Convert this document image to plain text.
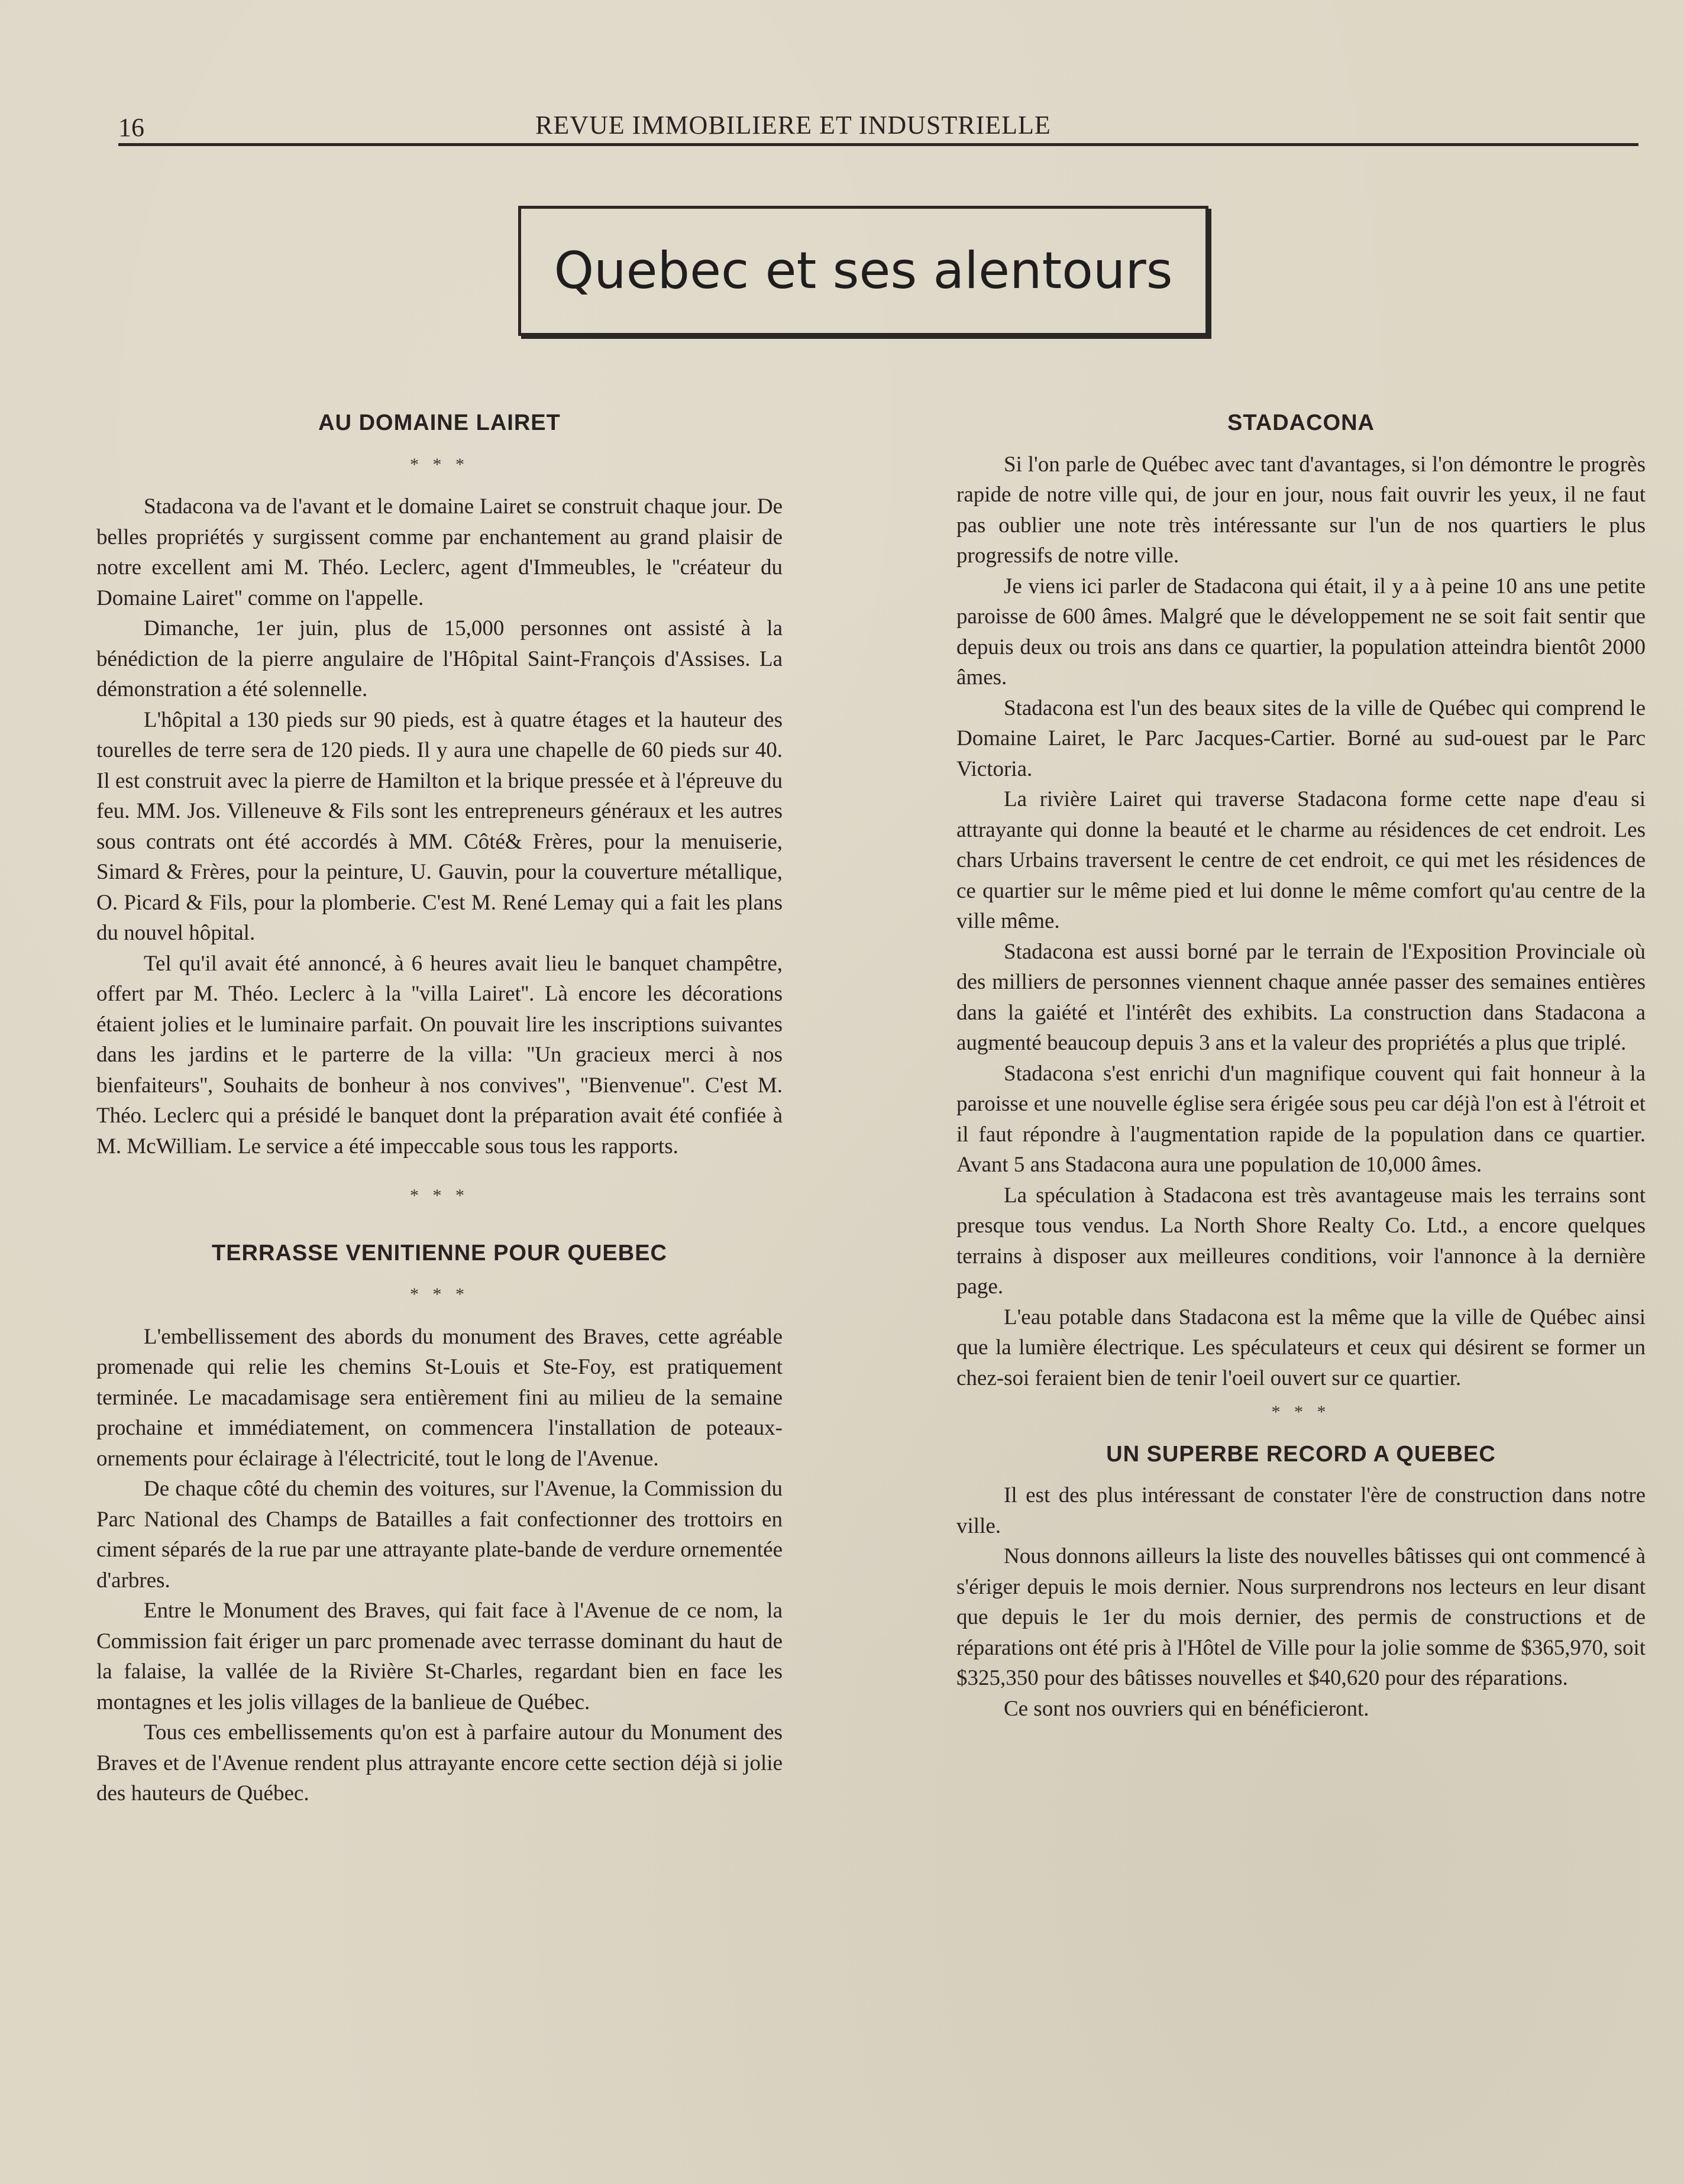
16	REVUE IMMOBILIERE ET INDUSTRIELLE
Quebec et ses alentours
AU DOMAINE LAIRET
* * *

Stadacona va de l'avant et le domaine Lairet se construit chaque jour. De belles propriétés y surgissent comme par enchantement au grand plaisir de notre excellent ami M. Théo. Leclerc, agent d'Immeubles, le ''créateur du Domaine Lairet'' comme on l'appelle.

Dimanche, 1er juin, plus de 15,000 personnes ont assisté à la bénédiction de la pierre angulaire de l'Hôpital Saint-François d'Assises. La démonstration a été solennelle.

L'hôpital a 130 pieds sur 90 pieds, est à quatre étages et la hauteur des tourelles de terre sera de 120 pieds. Il y aura une chapelle de 60 pieds sur 40. Il est construit avec la pierre de Hamilton et la brique pressée et à l'épreuve du feu. MM. Jos. Villeneuve & Fils sont les entrepreneurs généraux et les autres sous contrats ont été accordés à MM. Côté& Frères, pour la menuiserie, Simard & Frères, pour la peinture, U. Gauvin, pour la couverture métallique, O. Picard & Fils, pour la plomberie. C'est M. René Lemay qui a fait les plans du nouvel hôpital.

Tel qu'il avait été annoncé, à 6 heures avait lieu le banquet champêtre, offert par M. Théo. Leclerc à la ''villa Lairet''. Là encore les décorations étaient jolies et le luminaire parfait. On pouvait lire les inscriptions suivantes dans les jardins et le parterre de la villa: ''Un gracieux merci à nos bienfaiteurs'', Souhaits de bonheur à nos convives'', ''Bienvenue''. C'est M. Théo. Leclerc qui a présidé le banquet dont la préparation avait été confiée à M. McWilliam. Le service a été impeccable sous tous les rapports.

* * *
TERRASSE VENITIENNE POUR QUEBEC
* * *

L'embellissement des abords du monument des Braves, cette agréable promenade qui relie les chemins St-Louis et Ste-Foy, est pratiquement terminée. Le macadamisage sera entièrement fini au milieu de la semaine prochaine et immédiatement, on commencera l'installation de poteaux-ornements pour éclairage à l'électricité, tout le long de l'Avenue.

De chaque côté du chemin des voitures, sur l'Avenue, la Commission du Parc National des Champs de Batailles a fait confectionner des trottoirs en ciment séparés de la rue par une attrayante plate-bande de verdure ornementée d'arbres.

Entre le Monument des Braves, qui fait face à l'Avenue de ce nom, la Commission fait ériger un parc promenade avec terrasse dominant du haut de la falaise, la vallée de la Rivière St-Charles, regardant bien en face les montagnes et les jolis villages de la banlieue de Québec.

Tous ces embellissements qu'on est à parfaire autour du Monument des Braves et de l'Avenue rendent plus attrayante encore cette section déjà si jolie des hauteurs de Québec.

STADACONA

Si l'on parle de Québec avec tant d'avantages, si l'on démontre le progrès rapide de notre ville qui, de jour en jour, nous fait ouvrir les yeux, il ne faut pas oublier une note très intéressante sur l'un de nos quartiers le plus progressifs de notre ville.

Je viens ici parler de Stadacona qui était, il y a à peine 10 ans une petite paroisse de 600 âmes. Malgré que le développement ne se soit fait sentir que depuis deux ou trois ans dans ce quartier, la population atteindra bientôt 2000 âmes.

Stadacona est l'un des beaux sites de la ville de Québec qui comprend le Domaine Lairet, le Parc Jacques-Cartier. Borné au sud-ouest par le Parc Victoria.

La rivière Lairet qui traverse Stadacona forme cette nape d'eau si attrayante qui donne la beauté et le charme au résidences de cet endroit. Les chars Urbains traversent le centre de cet endroit, ce qui met les résidences de ce quartier sur le même pied et lui donne le même comfort qu'au centre de la ville même.

Stadacona est aussi borné par le terrain de l'Exposition Provinciale où des milliers de personnes viennent chaque année passer des semaines entières dans la gaiété et l'intérêt des exhibits. La construction dans Stadacona a augmenté beaucoup depuis 3 ans et la valeur des propriétés a plus que triplé.

Stadacona s'est enrichi d'un magnifique couvent qui fait honneur à la paroisse et une nouvelle église sera érigée sous peu car déjà l'on est à l'étroit et il faut répondre à l'augmentation rapide de la population dans ce quartier. Avant 5 ans Stadacona aura une population de 10,000 âmes.

La spéculation à Stadacona est très avantageuse mais les terrains sont presque tous vendus. La North Shore Realty Co. Ltd., a encore quelques terrains à disposer aux meilleures conditions, voir l'annonce à la dernière page.

L'eau potable dans Stadacona est la même que la ville de Québec ainsi que la lumière électrique. Les spéculateurs et ceux qui désirent se former un chez-soi feraient bien de tenir l'oeil ouvert sur ce quartier.

* * *
UN SUPERBE RECORD A QUEBEC

Il est des plus intéressant de constater l'ère de construction dans notre ville.

Nous donnons ailleurs la liste des nouvelles bâtisses qui ont commencé à s'ériger depuis le mois dernier. Nous surprendrons nos lecteurs en leur disant que depuis le 1er du mois dernier, des permis de constructions et de réparations ont été pris à l'Hôtel de Ville pour la jolie somme de $365,970, soit $325,350 pour des bâtisses nouvelles et $40,620 pour des réparations.

Ce sont nos ouvriers qui en bénéficieront.
